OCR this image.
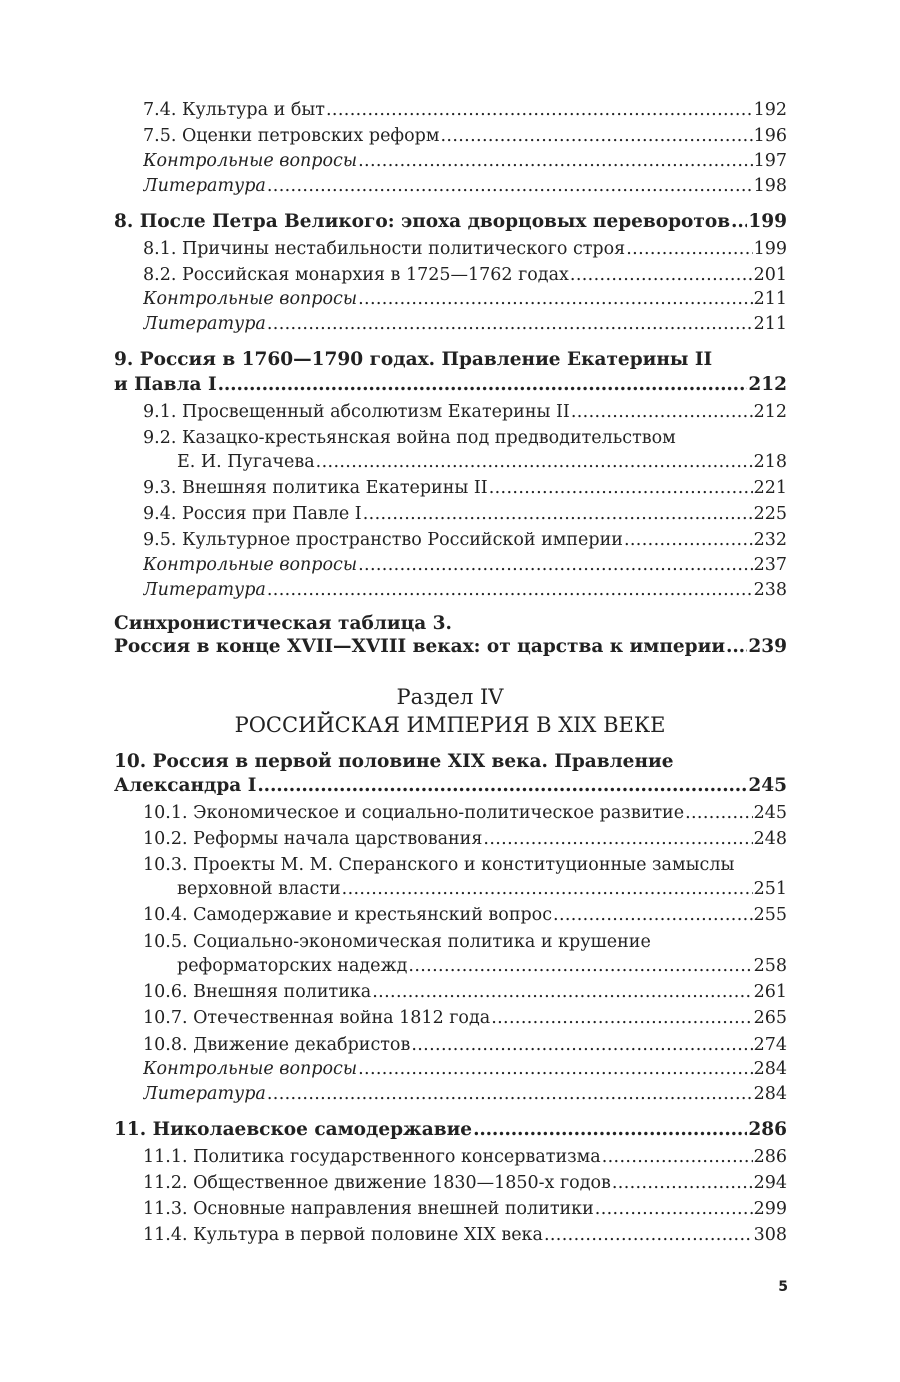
7.4. Культура и быт . . .	192
7.5. Оценки петровских реформ . . .	196
Контрольные вопросы . . .	197
Литература . . .	198
8. После Петра Великого: эпоха дворцовых переворотов . . . 199
8.1. Причины нестабильности политического строя . . .	199
8.2. Российская монархия в 1725—1762 годах . . .	201
Контрольные вопросы . . .	211
Литература . . .	211
9. Россия в 1760—1790 годах. Правление Екатерины II
и Павла I . . .	212
9.1. Просвещенный абсолютизм Екатерины II . . .	212
9.2. Казацко-крестьянская война под предводительством
Е. И. Пугачева . . .	218
9.3. Внешняя политика Екатерины II . . .	221
9.4. Россия при Павле I . . .	225
9.5. Культурное пространство Российской империи . . .	232
Контрольные вопросы . . .	237
Литература . . .	238
Синхронистическая таблица 3.
Россия в конце XVII—XVIII веках: от царства к империи . . . 239
Раздел IV
РОССИЙСКАЯ ИМПЕРИЯ В XIX ВЕКЕ
10. Россия в первой половине XIX века. Правление
Александра I . . .	245
10.1. Экономическое и социально-политическое развитие . . .	245
10.2. Реформы начала царствования . . .	248
10.3. Проекты М. М. Сперанского и конституционные замыслы
верховной власти . . .	251
10.4. Самодержавие и крестьянский вопрос . . .	255
10.5. Социально-экономическая политика и крушение
реформаторских надежд . . .	258
10.6. Внешняя политика . . .	261
10.7. Отечественная война 1812 года . . .	265
10.8. Движение декабристов . . .	274
Контрольные вопросы . . .	284
Литература . . .	284
11. Николаевское самодержавие . . .	286
11.1. Политика государственного консерватизма . . .	286
11.2. Общественное движение 1830—1850-х годов . . .	294
11.3. Основные направления внешней политики . . .	299
11.4. Культура в первой половине XIX века . . .	308
5
